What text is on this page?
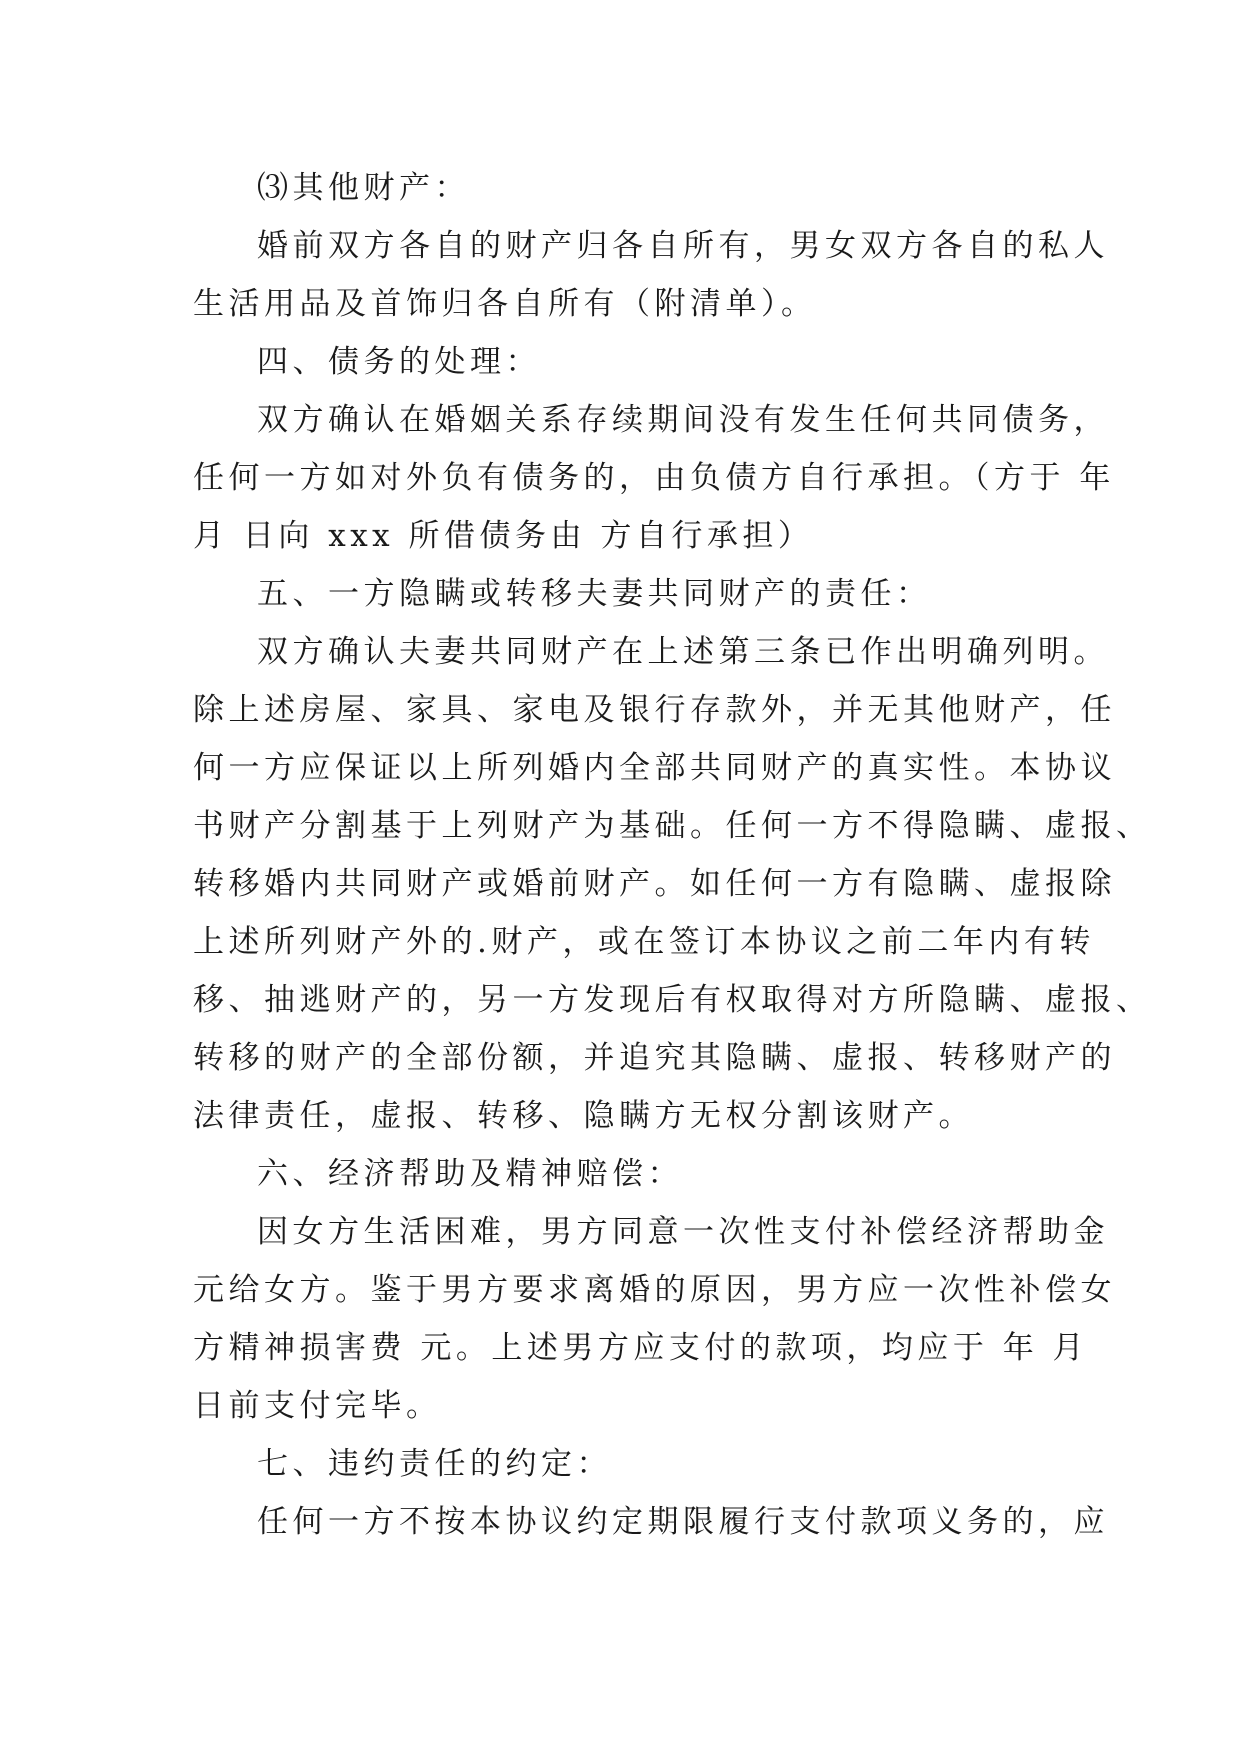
⑶其他财产：
婚前双方各自的财产归各自所有，男女双方各自的私人
生活用品及首饰归各自所有（附清单）。
四、债务的处理：
双方确认在婚姻关系存续期间没有发生任何共同债务，
任何一方如对外负有债务的，由负债方自行承担。（方于 年
月 日向 xxx 所借债务由 方自行承担）
五、一方隐瞒或转移夫妻共同财产的责任：
双方确认夫妻共同财产在上述第三条已作出明确列明。
除上述房屋、家具、家电及银行存款外，并无其他财产，任
何一方应保证以上所列婚内全部共同财产的真实性。本协议
书财产分割基于上列财产为基础。任何一方不得隐瞒、虚报、
转移婚内共同财产或婚前财产。如任何一方有隐瞒、虚报除
上述所列财产外的.财产，或在签订本协议之前二年内有转
移、抽逃财产的，另一方发现后有权取得对方所隐瞒、虚报、
转移的财产的全部份额，并追究其隐瞒、虚报、转移财产的
法律责任，虚报、转移、隐瞒方无权分割该财产。
六、经济帮助及精神赔偿：
因女方生活困难，男方同意一次性支付补偿经济帮助金
元给女方。鉴于男方要求离婚的原因，男方应一次性补偿女
方精神损害费 元。上述男方应支付的款项，均应于 年 月
日前支付完毕。
七、违约责任的约定：
任何一方不按本协议约定期限履行支付款项义务的，应
